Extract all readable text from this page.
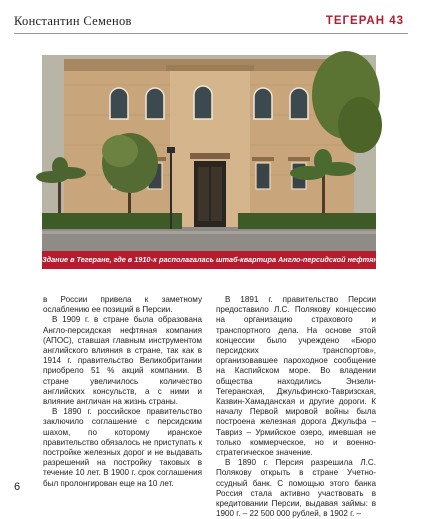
Константин Семенов	ТЕГЕРАН 43
Здание в Тегеране, где в 1910-х располагалась штаб-квартира Англо-персидской нефтяной компании

в России привела к заметному ослаблению ее позиций в Персии.

В 1909 г. в стране была образована Англо-персидская нефтяная компания (АПОС), ставшая главным инструментом английского влияния в стране, так как в 1914 г. правительство Великобритании приобрело 51 % акций компании. В стране увеличилось количество английских консульств, а с ними и влияние англичан на жизнь страны.

В 1890 г. российское правительство заключило соглашение с персидским шахом, по которому иранское правительство обязалось не приступать к постройке железных дорог и не выдавать разрешений на постройку таковых в течение 10 лет. В 1900 г. срок соглашения был пролонгирован еще на 10 лет.

В 1891 г. правительство Персии предоставило Л.С. Полякову концессию на организацию страхового и транспортного дела. На основе этой концессии было учреждено «Бюро персидских транспортов», организовавшее пароходное сообщение на Каспийском море. Во владении общества находились Энзели-Тегеранская, Джульфинско-Тавризская, Казвин-Хамаданская и другие дороги. К началу Первой мировой войны была построена железная дорога Джульфа – Тавриз – Урмийское озеро, имевшая не только коммерческое, но и военно-стратегическое значение.

В 1890 г. Персия разрешила Л.С. Полякову открыть в стране Учетно-ссудный банк. С помощью этого банка Россия стала активно участвовать в кредитовании Персии, выдавая займы: в 1900 г. – 22 500 000 рублей, в 1902 г. –

6
